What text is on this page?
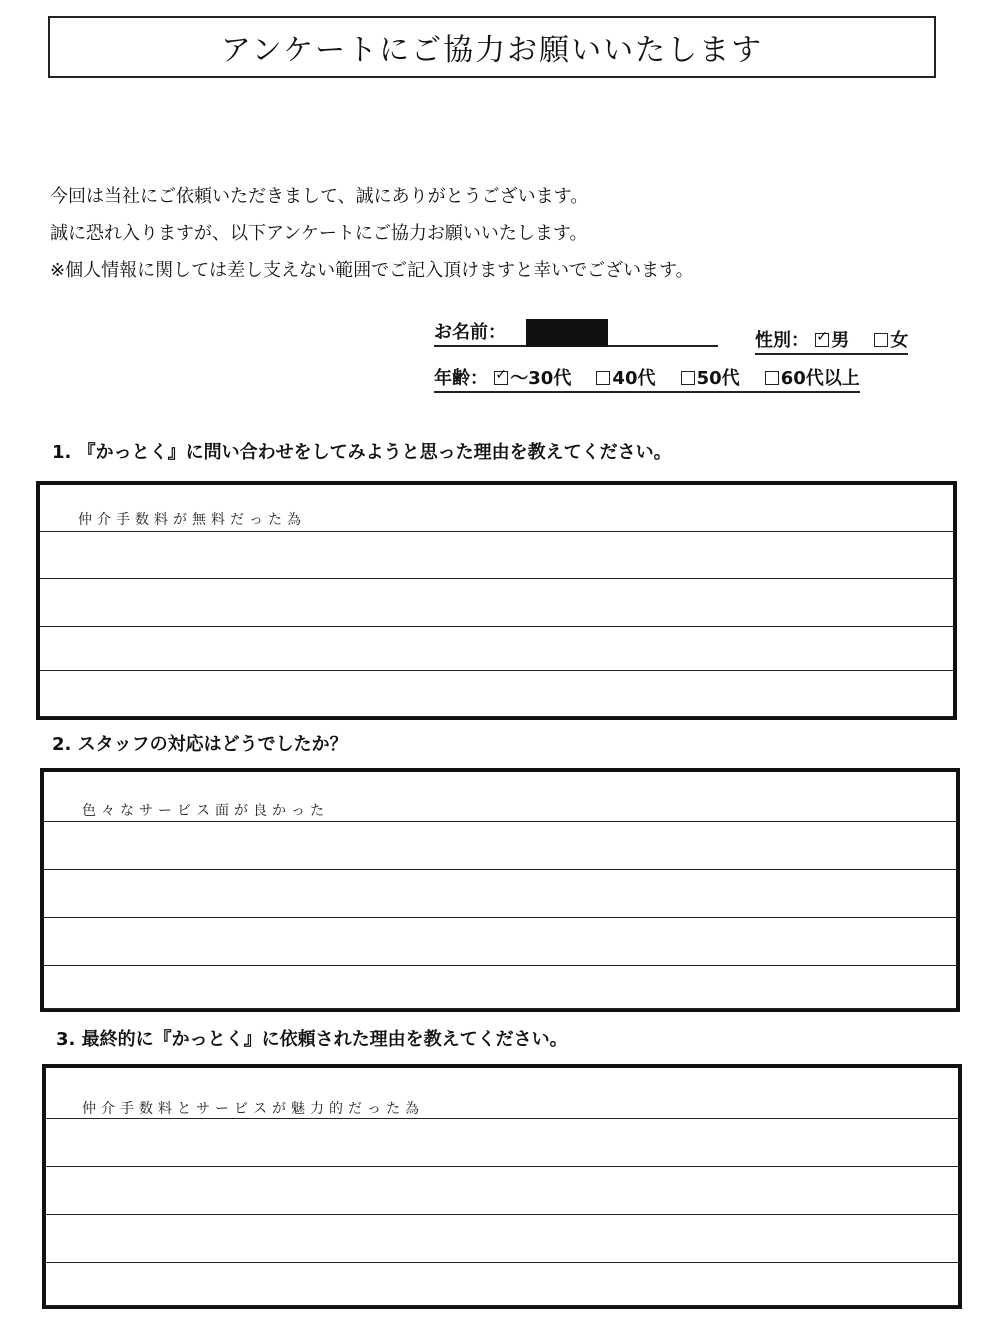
アンケートにご協力お願いいたします
今回は当社にご依頼いただきまして、誠にありがとうございます。
誠に恐れ入りますが、以下アンケートにご協力お願いいたします。
※個人情報に関しては差し支えない範囲でご記入頂けますと幸いでございます。
お名前：	性別： ✓ 男 女
年齢： ✓ ～30代 40代 50代 60代以上
1. 『かっとく』に問い合わせをしてみようと思った理由を教えてください。
仲介手数料が無料だった為
2. スタッフの対応はどうでしたか？
色々なサービス面が良かった
3. 最終的に『かっとく』に依頼された理由を教えてください。
仲介手数料とサービスが魅力的だった為
